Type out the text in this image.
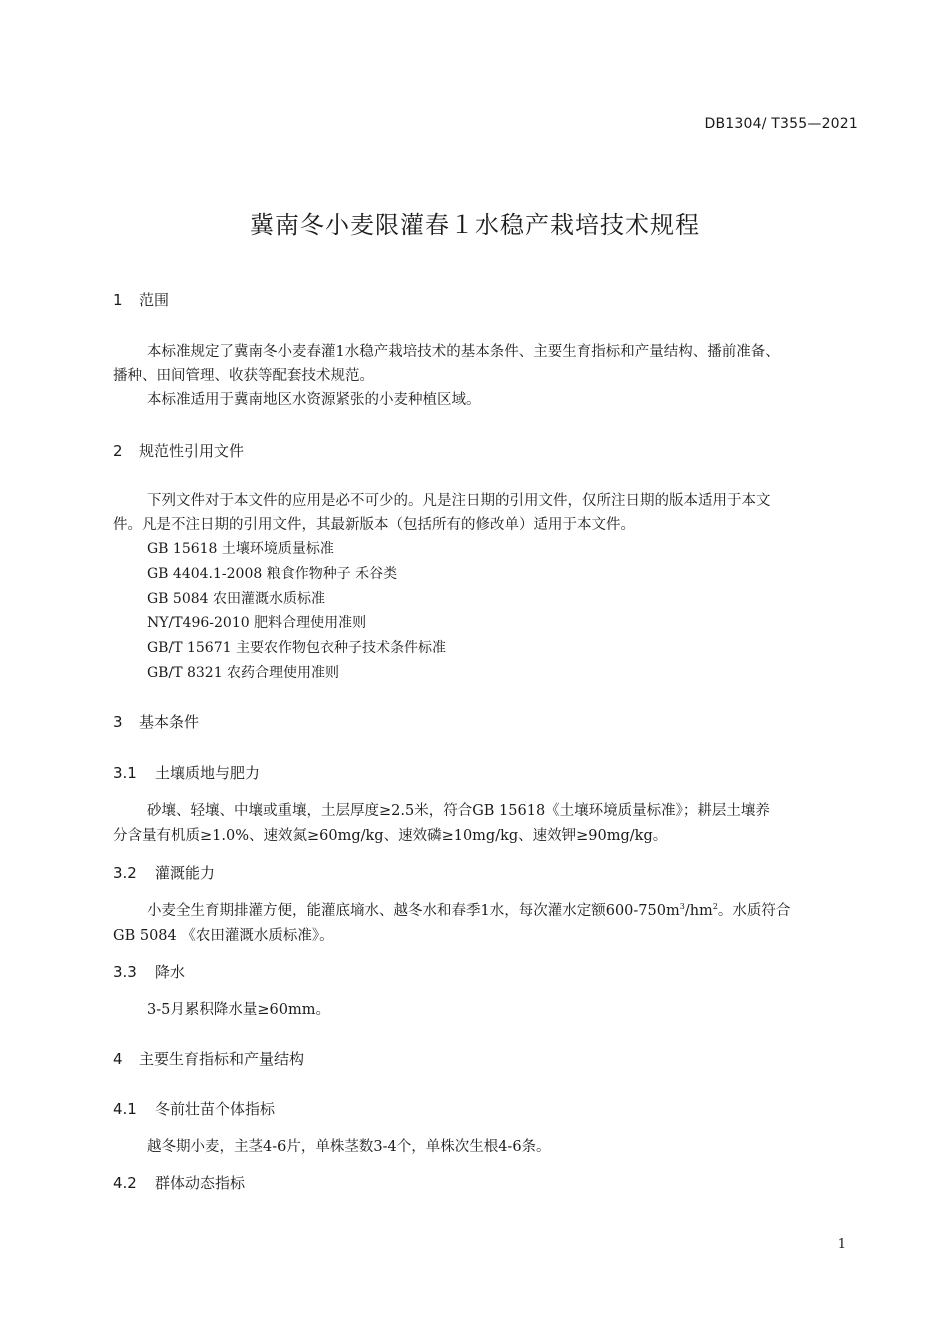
DB1304/ T355—2021
冀南冬小麦限灌春１水稳产栽培技术规程
1 范围
本标准规定了冀南冬小麦春灌1水稳产栽培技术的基本条件、主要生育指标和产量结构、播前准备、
播种、田间管理、收获等配套技术规范。
本标准适用于冀南地区水资源紧张的小麦种植区域。
2 规范性引用文件
下列文件对于本文件的应用是必不可少的。凡是注日期的引用文件，仅所注日期的版本适用于本文
件。凡是不注日期的引用文件，其最新版本（包括所有的修改单）适用于本文件。
GB 15618 土壤环境质量标准
GB 4404.1-2008 粮食作物种子 禾谷类
GB 5084 农田灌溉水质标准
NY/T496-2010 肥料合理使用准则
GB/T 15671 主要农作物包衣种子技术条件标准
GB/T 8321 农药合理使用准则
3 基本条件
3.1 土壤质地与肥力
砂壤、轻壤、中壤或重壤，土层厚度≥2.5米，符合GB 15618《土壤环境质量标准》；耕层土壤养
分含量有机质≥1.0%、速效氮≥60mg/kg、速效磷≥10mg/kg、速效钾≥90mg/kg。
3.2 灌溉能力
小麦全生育期排灌方便，能灌底墒水、越冬水和春季1水，每次灌水定额$600-750m^3/hm^2$。水质符合
GB 5084 《农田灌溉水质标准》。
3.3 降水
3-5月累积降水量≥60mm。
4 主要生育指标和产量结构
4.1 冬前壮苗个体指标
越冬期小麦，主茎4-6片，单株茎数3-4个，单株次生根4-6条。
4.2 群体动态指标
1
